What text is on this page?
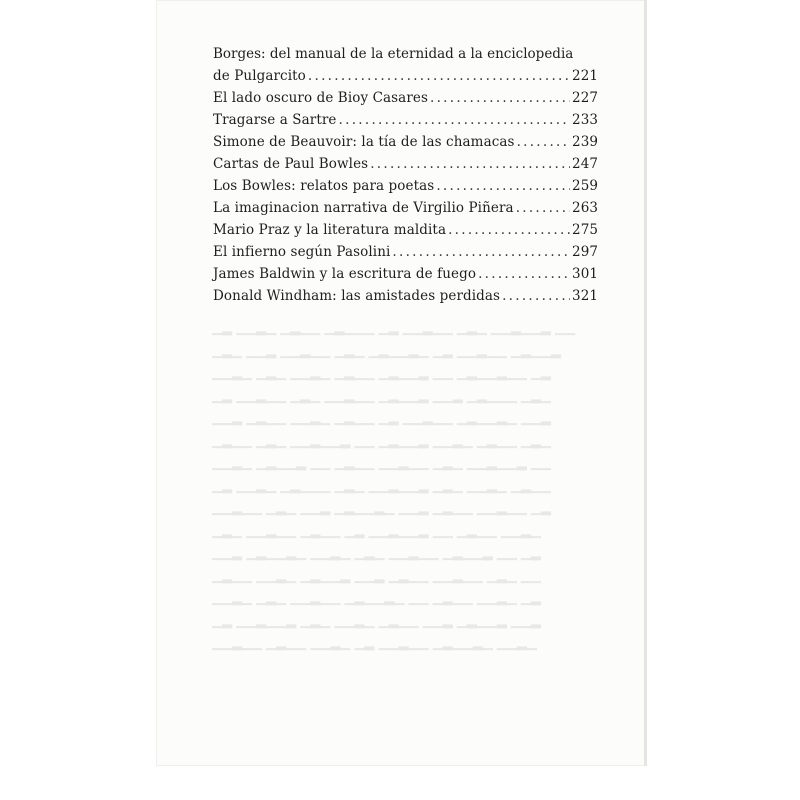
▁▂ ▁▁▂▁ ▁▂▁▁ ▁▂▁▁▁ ▁▂ ▁▁▂▁▁ ▁▂▁ ▁▁▂▁▁▂ ▁▁
▁▂▁ ▁▁▂ ▁▁▂▁▁ ▁▂▁ ▁▂▁▁▂▁ ▁▂ ▁▁▂▁▁ ▁▂▁▁▂
▁▁▂▁ ▁▂▁ ▁▁▂▁ ▁▂▁▁ ▁▂▁▁▂ ▁▁ ▁▂▁▁▂▁▁ ▁▂
▁▂ ▁▁▂▁▁ ▁▂▁ ▁▁▂▁▁ ▁▂▁▁▂ ▁▁▂ ▁▂▁▁▁ ▁▂▁
▁▁▂ ▁▂▁▁ ▁▁▂▁ ▁▂▁▁ ▁▂ ▁▁▂▁▁ ▁▂▁▁▂▁ ▁▁▂
▁▂▁▁ ▁▂▁ ▁▁▂▁▁▂ ▁▁ ▁▂▁▁▂ ▁▁▂▁ ▁▂▁▁ ▁▂▁
▁▁▂▁ ▁▂▁▁▂ ▁▁ ▁▂▁▁ ▁▁▂▁▁ ▁▂▁ ▁▁▂▁▁▂ ▁▁
▁▂ ▁▁▂▁ ▁▂▁▁▁ ▁▂▁ ▁▁▂▁▁▂ ▁▂▁ ▁▁▂▁ ▁▂▁▁
▁▁▂▁▁ ▁▂▁ ▁▁▂ ▁▂▁▁▂▁ ▁▁▂ ▁▂▁▁ ▁▁▂▁▁ ▁▂
▁▂▁ ▁▁▂▁▁ ▁▂▁▁ ▁▂ ▁▁▂▁▁▂ ▁▁ ▁▂▁▁ ▁▁▂▁
▁▁▂ ▁▂▁▁▂▁ ▁▁▂▁ ▁▂▁ ▁▁▂▁▁ ▁▂▁▁▂ ▁▁ ▁▂
▁▂▁▁ ▁▁▂▁ ▁▂▁▁▂ ▁▁▂ ▁▂▁▁ ▁▁▂▁▁ ▁▂▁ ▁▁
▁▁▂▁ ▁▂▁ ▁▁▂▁▁ ▁▂▁▁▂▁ ▁▁ ▁▂▁▁ ▁▁▂▁ ▁▂
▁▂ ▁▁▂▁▁▂ ▁▂▁ ▁▁▂▁ ▁▂▁▁ ▁▁▂ ▁▂▁▁▂ ▁▁▂
▁▁▂▁▁ ▁▂▁▁ ▁▁▂▁ ▁▂ ▁▁▂▁▁ ▁▂▁▁▂▁ ▁▁▂▁
Borges: del manual de la eternidad a la enciclopedia
de Pulgarcito . . .	221
El lado oscuro de Bioy Casares . . .	227
Tragarse a Sartre . . .	233
Simone de Beauvoir: la tía de las chamacas . . .	239
Cartas de Paul Bowles . . .	247
Los Bowles: relatos para poetas . . .	259
La imaginacion narrativa de Virgilio Piñera . . .	263
Mario Praz y la literatura maldita . . .	275
El infierno según Pasolini . . .	297
James Baldwin y la escritura de fuego . . .	301
Donald Windham: las amistades perdidas . . .	321
